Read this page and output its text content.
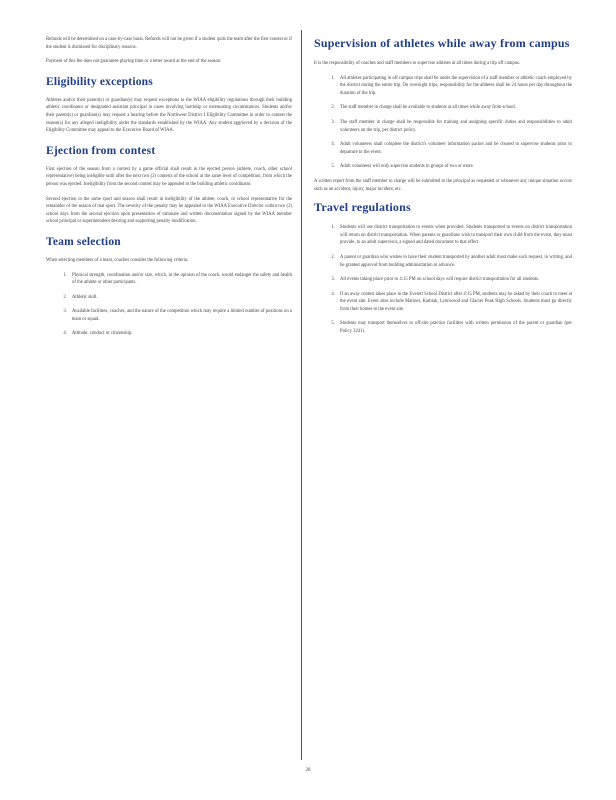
Refunds will be determined on a case-by-case basis. Refunds will not be given if a student quits the team after the first contest or if the student is dismissed for disciplinary reasons.

Payment of this fee does not guarantee playing time or a letter award at the end of the season.

Eligibility exceptions

Athletes and/or their parent(s) or guardian(s) may request exceptions to the WIAA eligibility regulations through their building athletic coordinator or designated assistant principal in cases involving hardship or extenuating circumstances. Students and/or their parent(s) or guardian(s) may request a hearing before the Northwest District I Eligibility Committee in order to contest the reason(s) for any alleged ineligibility under the standards established by the WIAA. Any student aggrieved by a decision of the Eligibility Committee may appeal to the Executive Board of WIAA.

Ejection from contest

First ejection of the season from a contest by a game official shall result in the ejected person (athlete, coach, other school representative) being ineligible until after the next two (2) contests of the school at the same level of competition, from which the person was ejected. Ineligibility from the second contest may be appealed to the building athletic coordinator.

Second ejection in the same sport and season shall result in ineligibility of the athlete, coach, or school representative for the remainder of the season of that sport. The severity of the penalty may be appealed to the WIAA Executive Director within two (2) school days from the second ejection upon presentation of rationale and written documentation signed by the WIAA member school principal or superintendent desiring and supporting penalty modification.

Team selection

When selecting members of a team, coaches consider the following criteria:

1. Physical strength, coordination and/or size, which, in the opinion of the coach, would endanger the safety and health of the athlete or other participants.
2. Athletic skill.
3. Available facilities, coaches, and the nature of the competition which may require a limited number of positions on a team or squad.
4. Attitude, conduct or citizenship.
Supervision of athletes while away from campus

It is the responsibility of coaches and staff members to supervise athletes at all times during a trip off campus.

1. All athletes participating in off campus trips shall be under the supervision of a staff member or athletic coach employed by the district during the entire trip. On overnight trips, responsibility for the athletes shall be 24 hours per day throughout the duration of the trip.
2. The staff member in charge shall be available to students at all times while away from school.
3. The staff member in charge shall be responsible for training and assigning specific duties and responsibilities to adult volunteers on the trip, per district policy.
4. Adult volunteers shall complete the district's volunteer information packet and be cleared to supervise students prior to departure to the event.
5. Adult volunteers will only supervise students in groups of two or more.

A written report from the staff member in charge will be submitted to the principal as requested or whenever any unique situation occurs such as an accident, injury, major incident, etc.

Travel regulations
1. Students will use district transportation to events when provided. Students transported to events on district transportation will return on district transportation. When parents or guardians wish to transport their own child from the event, they must provide, to an adult supervisor, a signed and dated document to that effect.
2. A parent or guardian who wishes to have their student transported by another adult must make such request, in writing, and be granted approval from building administration in advance.
3. All events taking place prior to 4:15 PM on school days will require district transportation for all students.
4. If an away contest takes place in the Everett School District after 4:15 PM, students may be asked by their coach to meet at the event site. Event sites include Mariner, Kamiak, Lynnwood and Glacier Peak High Schools. Students must go directly from their homes to the event site.
5. Students may transport themselves to off-site practice facilities with written permission of the parent or guardian (per Policy 3241).
28
